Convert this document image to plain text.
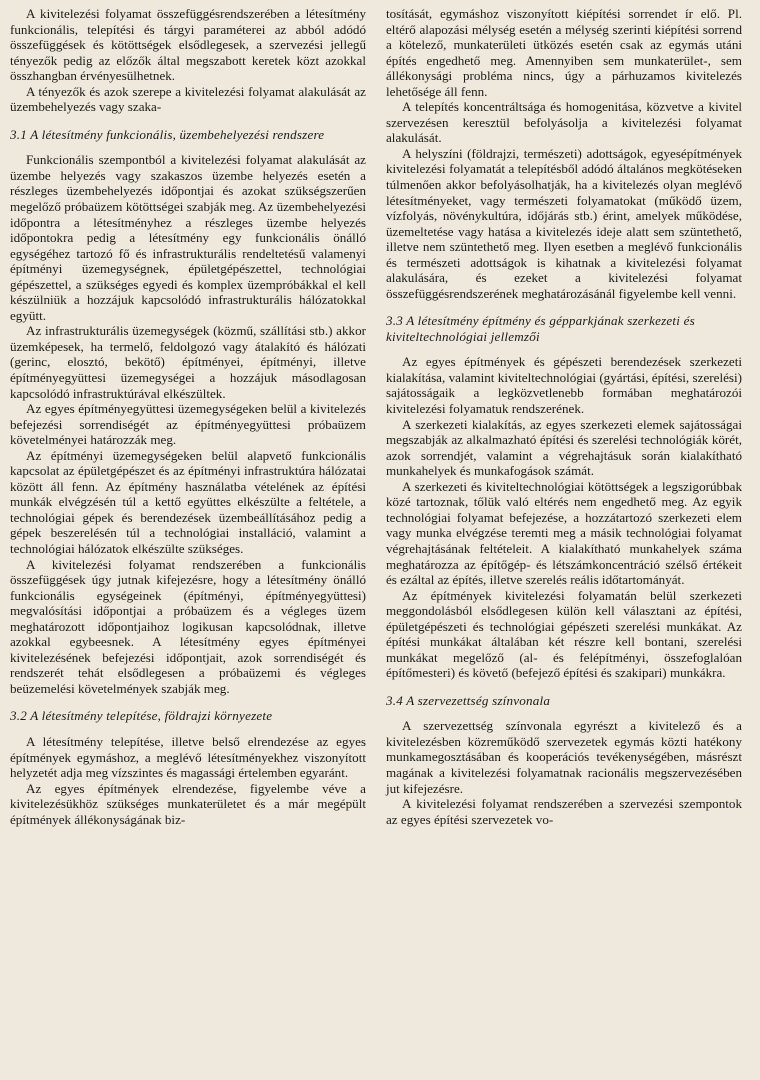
A kivitelezési folyamat összefüggésrendszerében a létesítmény funkcionális, telepítési és tárgyi paraméterei az abból adódó összefüggések és kötöttségek elsődlegesek, a szervezési jellegű tényezők pedig az előzők által megszabott keretek közt azokkal összhangban érvényesülhetnek.

A tényezők és azok szerepe a kivitelezési folyamat alakulását az üzembehelyezés vagy szaka-

3.1 A létesítmény funkcionális, üzembehelyezési rendszere

Funkcionális szempontból a kivitelezési folyamat alakulását az üzembe helyezés vagy szakaszos üzembe helyezés esetén a részleges üzembehelyezés időpontjai és azokat szükségszerűen megelőző próbaüzem kötöttségei szabják meg. Az üzembehelyezési időpontra a létesítményhez a részleges üzembe helyezés időpontokra pedig a létesítmény egy funkcionális önálló egységéhez tartozó fő és infrastrukturális rendeltetésű valamenyi építményi üzemegységnek, épületgépészettel, technológiai gépészettel, a szükséges egyedi és komplex üzempróbákkal el kell készülniük a hozzájuk kapcsolódó infrastrukturális hálózatokkal együtt.

Az infrastrukturális üzemegységek (közmű, szállítási stb.) akkor üzemképesek, ha termelő, feldolgozó vagy átalakító és hálózati (gerinc, elosztó, bekötő) építményei, építményi, illetve építményegyüttesi üzemegységei a hozzájuk másodlagosan kapcsolódó infrastruktúrával elkészültek.

Az egyes építményegyüttesi üzemegységeken belül a kivitelezés befejezési sorrendiségét az építményegyüttesi próbaüzem követelményei határozzák meg.

Az építményi üzemegységeken belül alapvető funkcionális kapcsolat az épületgépészet és az építményi infrastruktúra hálózatai között áll fenn. Az építmény használatba vételének az építési munkák elvégzésén túl a kettő együttes elkészülte a feltétele, a technológiai gépek és berendezések üzembeállításához pedig a gépek beszerelésén túl a technológiai installáció, valamint a technológiai hálózatok elkészülte szükséges.

A kivitelezési folyamat rendszerében a funkcionális összefüggések úgy jutnak kifejezésre, hogy a létesítmény önálló funkcionális egységeinek (építményi, építményegyüttesi) megvalósítási időpontjai a próbaüzem és a végleges üzem meghatározott időpontjaihoz logikusan kapcsolódnak, illetve azokkal egybeesnek. A létesítmény egyes építményei kivitelezésének befejezési időpontjait, azok sorrendiségét és rendszerét tehát elsődlegesen a próbaüzemi és végleges beüzemelési követelmények szabják meg.

3.2 A létesítmény telepítése, földrajzi környezete

A létesítmény telepítése, illetve belső elrendezése az egyes építmények egymáshoz, a meglévő létesítményekhez viszonyított helyzetét adja meg vízszintes és magassági értelemben egyaránt.

Az egyes építmények elrendezése, figyelembe véve a kivitelezésükhöz szükséges munkaterületet és a már megépült építmények állékonyságának biz-

tosítását, egymáshoz viszonyított kiépítési sorrendet ír elő. Pl. eltérő alapozási mélység esetén a mélység szerinti kiépítési sorrend a kötelező, munkaterületi ütközés esetén csak az egymás utáni építés engedhető meg. Amennyiben sem munkaterület-, sem állékonysági probléma nincs, úgy a párhuzamos kivitelezés lehetősége áll fenn.

A telepítés koncentráltsága és homogenitása, közvetve a kivitel szervezésen keresztül befolyásolja a kivitelezési folyamat alakulását.

A helyszíni (földrajzi, természeti) adottságok, egyesépítmények kivitelezési folyamatát a telepítésből adódó általános megkötéseken túlmenően akkor befolyásolhatják, ha a kivitelezés olyan meglévő létesítményeket, vagy természeti folyamatokat (működő üzem, vízfolyás, növénykultúra, időjárás stb.) érint, amelyek működése, üzemeltetése vagy hatása a kivitelezés ideje alatt sem szüntethető, illetve nem szüntethető meg. Ilyen esetben a meglévő funkcionális és természeti adottságok is kihatnak a kivitelezési folyamat alakulására, és ezeket a kivitelezési folyamat összefüggésrendszerének meghatározásánál figyelembe kell venni.

3.3 A létesítmény építmény és gépparkjának szerkezeti és kiviteltechnológiai jellemzői

Az egyes építmények és gépészeti berendezések szerkezeti kialakítása, valamint kiviteltechnológiai (gyártási, építési, szerelési) sajátosságaik a legközvetlenebb formában meghatározói kivitelezési folyamatuk rendszerének.

A szerkezeti kialakítás, az egyes szerkezeti elemek sajátosságai megszabják az alkalmazható építési és szerelési technológiák körét, azok sorrendjét, valamint a végrehajtásuk során kialakítható munkahelyek és munkafogások számát.

A szerkezeti és kiviteltechnológiai kötöttségek a legszigorúbbak közé tartoznak, tőlük való eltérés nem engedhető meg. Az egyik technológiai folyamat befejezése, a hozzátartozó szerkezeti elem vagy munka elvégzése teremti meg a másik technológiai folyamat végrehajtásának feltételeit. A kialakítható munkahelyek száma meghatározza az építőgép- és létszámkoncentráció szélső értékeit és ezáltal az építés, illetve szerelés reális időtartományát.

Az építmények kivitelezési folyamatán belül szerkezeti meggondolásból elsődlegesen külön kell választani az építési, épületgépészeti és technológiai gépészeti szerelési munkákat. Az építési munkákat általában két részre kell bontani, szerelési munkákat megelőző (al- és felépítményi, összefoglalóan építőmesteri) és követő (befejező építési és szakipari) munkákra.

3.4 A szervezettség színvonala

A szervezettség színvonala egyrészt a kivitelező és a kivitelezésben közreműködő szervezetek egymás közti hatékony munkamegosztásában és kooperációs tevékenységében, másrészt magának a kivitelezési folyamatnak racionális megszervezésében jut kifejezésre.

A kivitelezési folyamat rendszerében a szervezési szempontok az egyes építési szervezetek vo-
